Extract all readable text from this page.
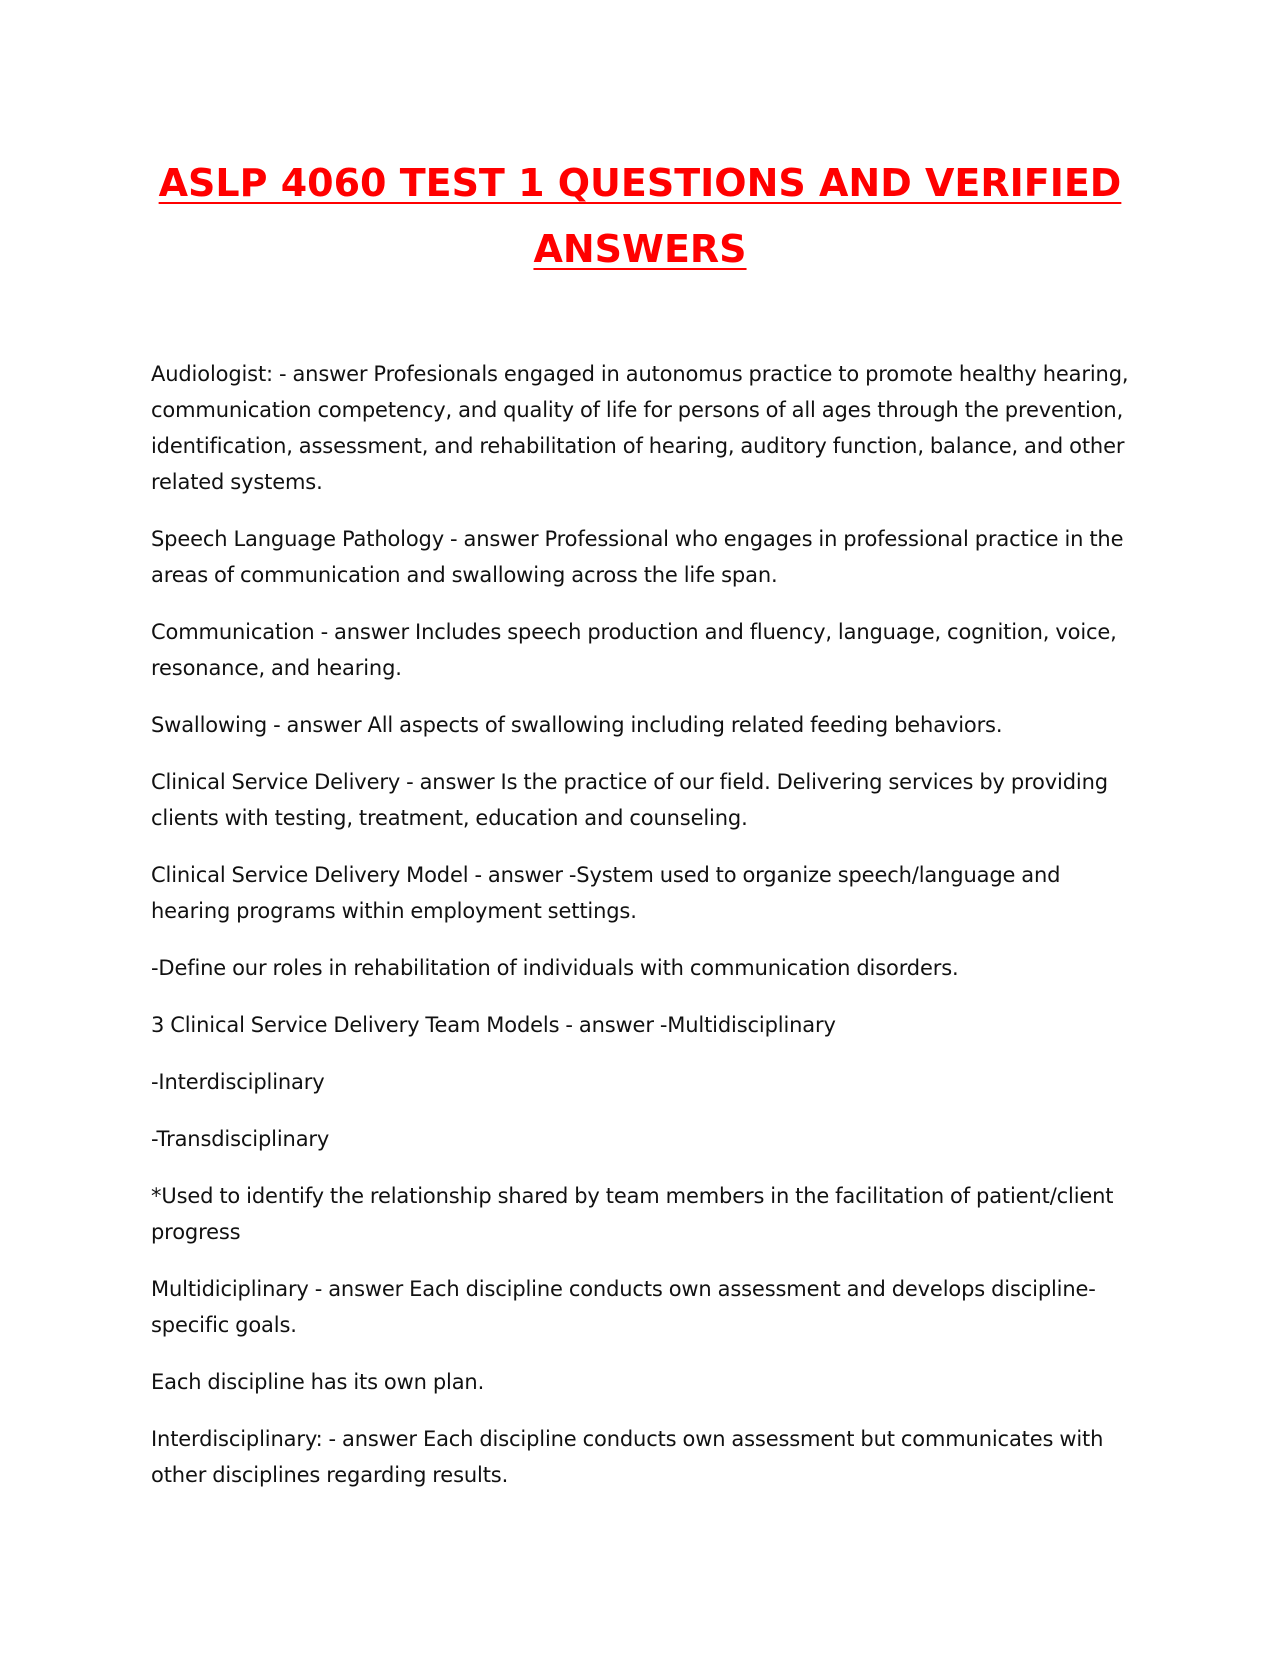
ASLP 4060 TEST 1 QUESTIONS AND VERIFIED ANSWERS

Audiologist: - answer Profesionals engaged in autonomus practice to promote healthy hearing, communication competency, and quality of life for persons of all ages through the prevention, identification, assessment, and rehabilitation of hearing, auditory function, balance, and other related systems.

Speech Language Pathology - answer Professional who engages in professional practice in the areas of communication and swallowing across the life span.

Communication - answer Includes speech production and fluency, language, cognition, voice, resonance, and hearing.

Swallowing - answer All aspects of swallowing including related feeding behaviors.

Clinical Service Delivery - answer Is the practice of our field. Delivering services by providing clients with testing, treatment, education and counseling.

Clinical Service Delivery Model - answer -System used to organize speech/language and hearing programs within employment settings.

-Define our roles in rehabilitation of individuals with communication disorders.

3 Clinical Service Delivery Team Models - answer -Multidisciplinary

-Interdisciplinary

-Transdisciplinary

*Used to identify the relationship shared by team members in the facilitation of patient/client progress

Multidiciplinary - answer Each discipline conducts own assessment and develops discipline-specific goals.

Each discipline has its own plan.

Interdisciplinary: - answer Each discipline conducts own assessment but communicates with other disciplines regarding results.
